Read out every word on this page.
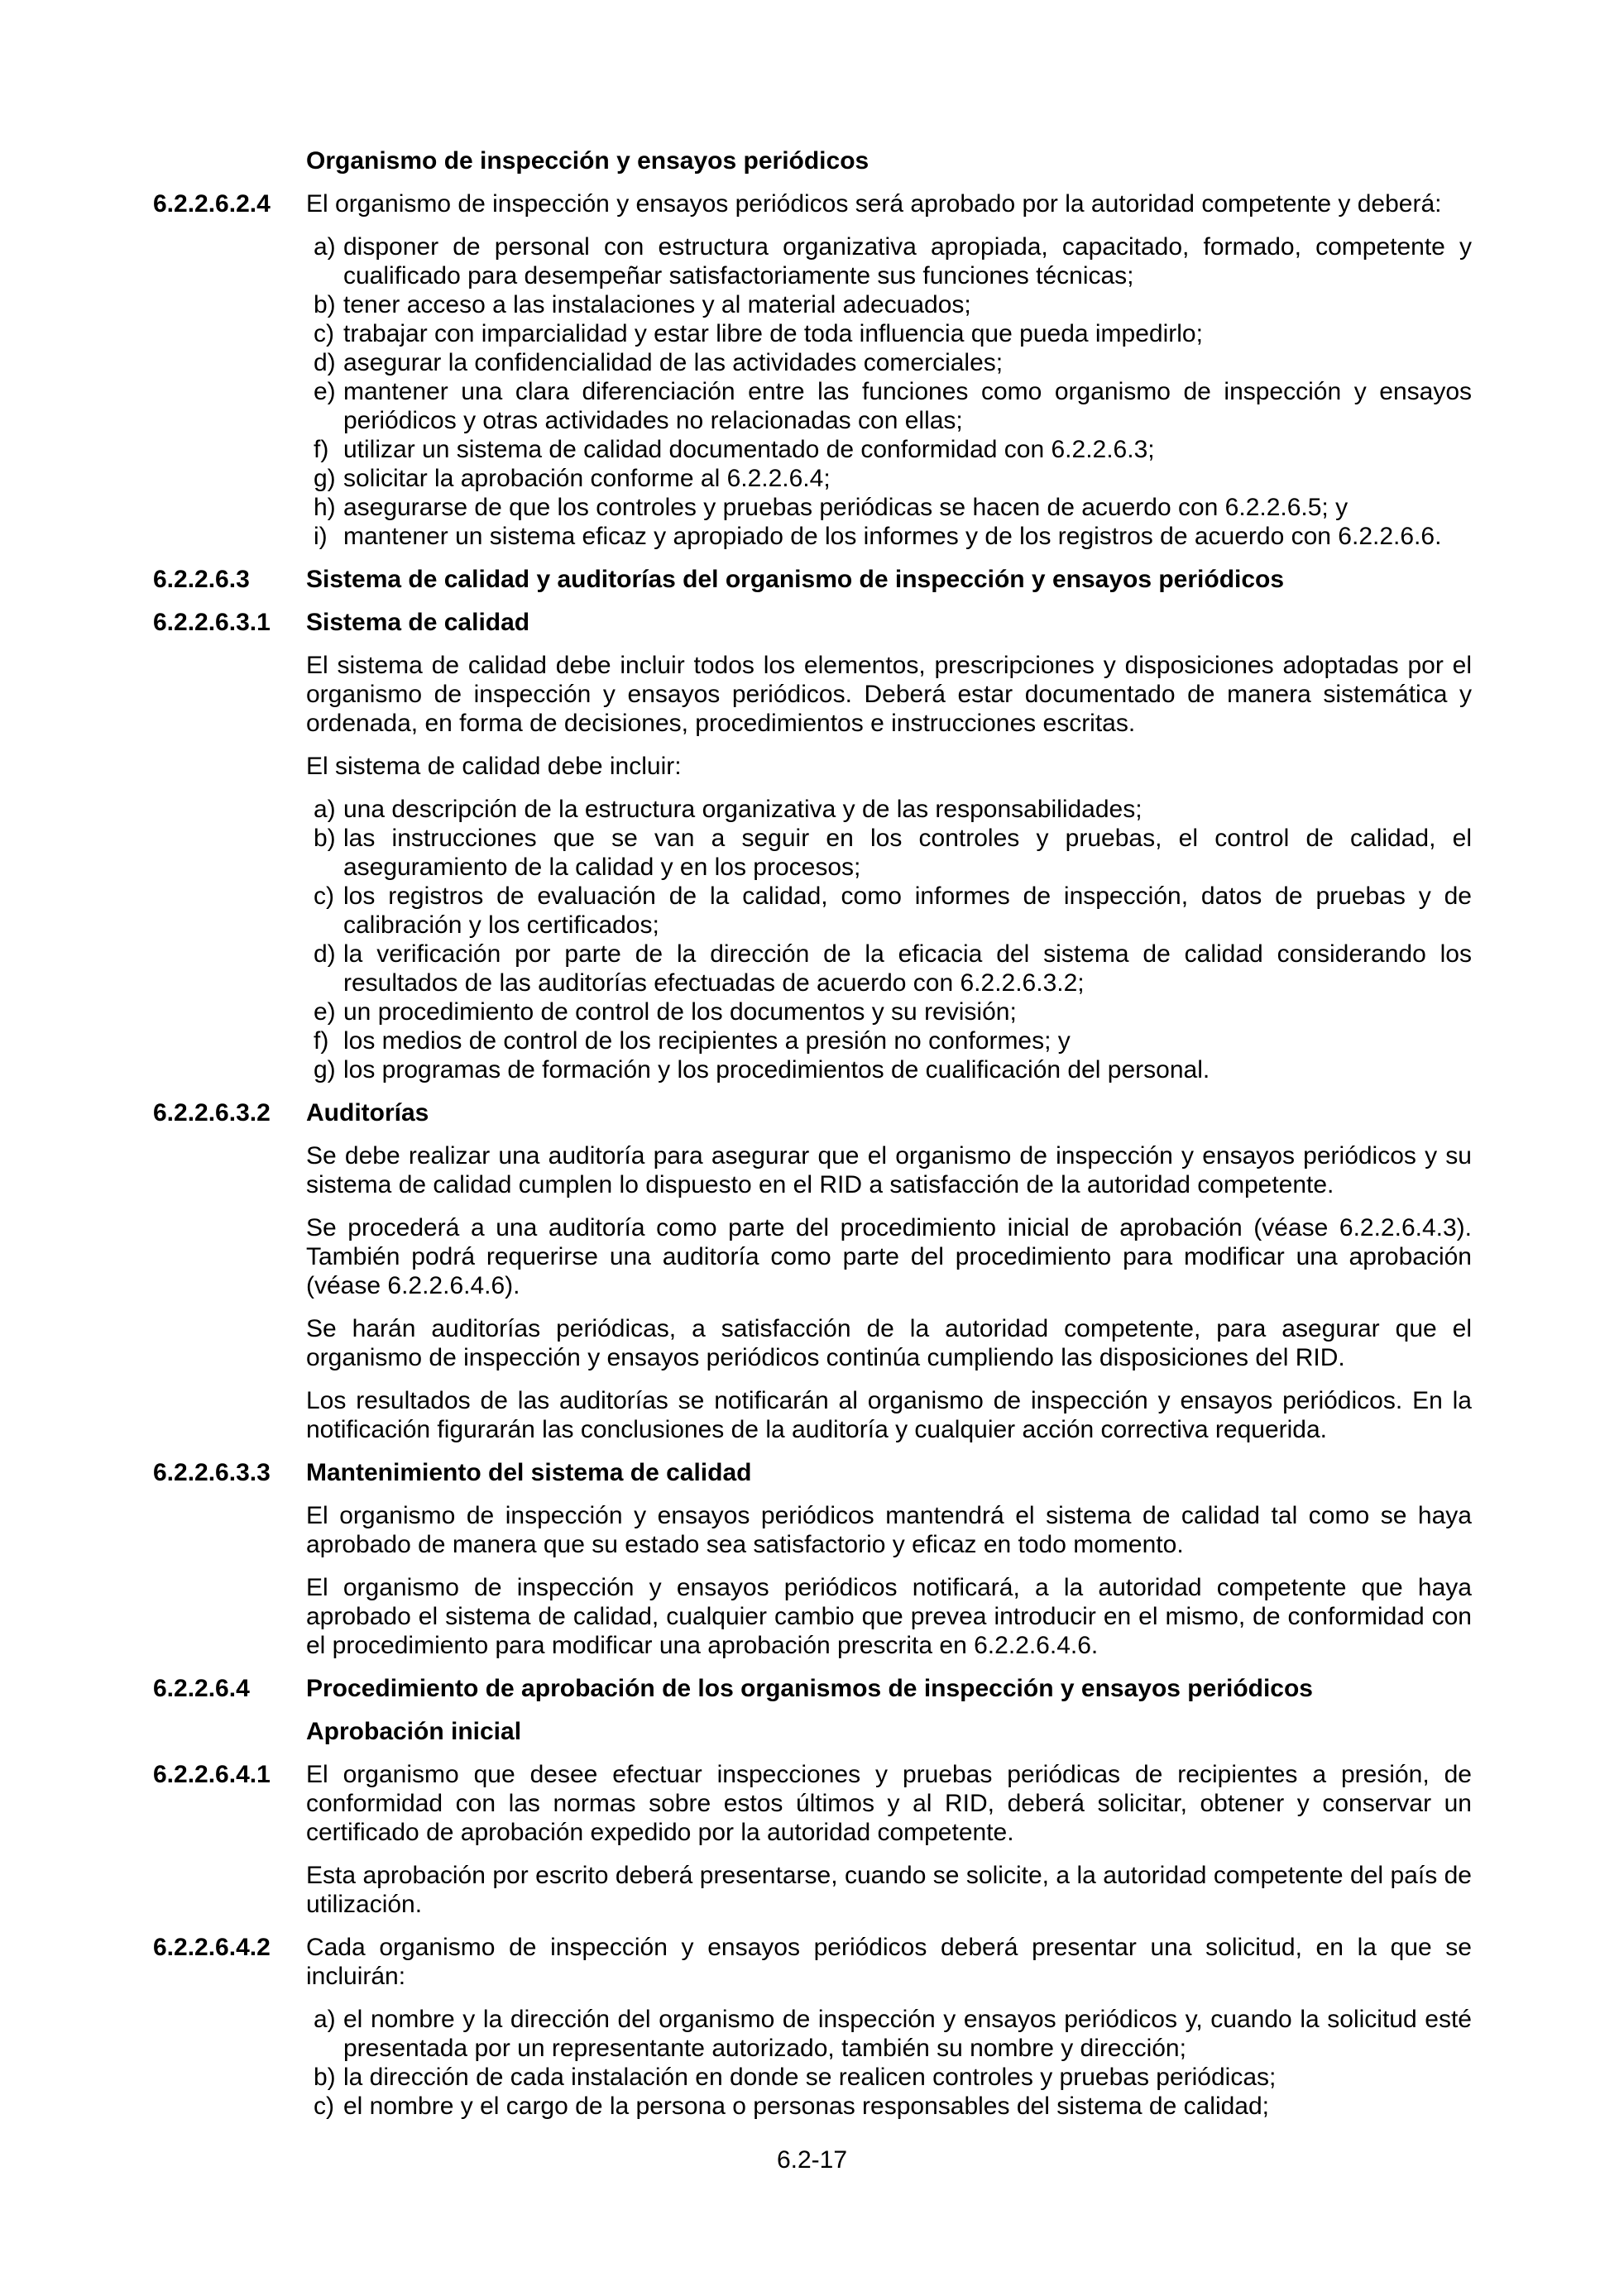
Organismo de inspección y ensayos periódicos
6.2.2.6.2.4	El organismo de inspección y ensayos periódicos será aprobado por la autoridad competente y deberá:
a) disponer de personal con estructura organizativa apropiada, capacitado, formado, competente y cualificado para desempeñar satisfactoriamente sus funciones técnicas;
b) tener acceso a las instalaciones y al material adecuados;
c) trabajar con imparcialidad y estar libre de toda influencia que pueda impedirlo;
d) asegurar la confidencialidad de las actividades comerciales;
e) mantener una clara diferenciación entre las funciones como organismo de inspección y ensayos periódicos y otras actividades no relacionadas con ellas;
f) utilizar un sistema de calidad documentado de conformidad con 6.2.2.6.3;
g) solicitar la aprobación conforme al 6.2.2.6.4;
h) asegurarse de que los controles y pruebas periódicas se hacen de acuerdo con 6.2.2.6.5; y
i) mantener un sistema eficaz y apropiado de los informes y de los registros de acuerdo con 6.2.2.6.6.
6.2.2.6.3	Sistema de calidad y auditorías del organismo de inspección y ensayos periódicos
6.2.2.6.3.1	Sistema de calidad
El sistema de calidad debe incluir todos los elementos, prescripciones y disposiciones adoptadas por el organismo de inspección y ensayos periódicos. Deberá estar documentado de manera sistemática y ordenada, en forma de decisiones, procedimientos e instrucciones escritas.
El sistema de calidad debe incluir:
a) una descripción de la estructura organizativa y de las responsabilidades;
b) las instrucciones que se van a seguir en los controles y pruebas, el control de calidad, el aseguramiento de la calidad y en los procesos;
c) los registros de evaluación de la calidad, como informes de inspección, datos de pruebas y de calibración y los certificados;
d) la verificación por parte de la dirección de la eficacia del sistema de calidad considerando los resultados de las auditorías efectuadas de acuerdo con 6.2.2.6.3.2;
e) un procedimiento de control de los documentos y su revisión;
f) los medios de control de los recipientes a presión no conformes; y
g) los programas de formación y los procedimientos de cualificación del personal.
6.2.2.6.3.2	Auditorías
Se debe realizar una auditoría para asegurar que el organismo de inspección y ensayos periódicos y su sistema de calidad cumplen lo dispuesto en el RID a satisfacción de la autoridad competente.
Se procederá a una auditoría como parte del procedimiento inicial de aprobación (véase 6.2.2.6.4.3). También podrá requerirse una auditoría como parte del procedimiento para modificar una aprobación (véase 6.2.2.6.4.6).
Se harán auditorías periódicas, a satisfacción de la autoridad competente, para asegurar que el organismo de inspección y ensayos periódicos continúa cumpliendo las disposiciones del RID.
Los resultados de las auditorías se notificarán al organismo de inspección y ensayos periódicos. En la notificación figurarán las conclusiones de la auditoría y cualquier acción correctiva requerida.
6.2.2.6.3.3	Mantenimiento del sistema de calidad
El organismo de inspección y ensayos periódicos mantendrá el sistema de calidad tal como se haya aprobado de manera que su estado sea satisfactorio y eficaz en todo momento.
El organismo de inspección y ensayos periódicos notificará, a la autoridad competente que haya aprobado el sistema de calidad, cualquier cambio que prevea introducir en el mismo, de conformidad con el procedimiento para modificar una aprobación prescrita en 6.2.2.6.4.6.
6.2.2.6.4	Procedimiento de aprobación de los organismos de inspección y ensayos periódicos
Aprobación inicial
6.2.2.6.4.1	El organismo que desee efectuar inspecciones y pruebas periódicas de recipientes a presión, de conformidad con las normas sobre estos últimos y al RID, deberá solicitar, obtener y conservar un certificado de aprobación expedido por la autoridad competente.
Esta aprobación por escrito deberá presentarse, cuando se solicite, a la autoridad competente del país de utilización.
6.2.2.6.4.2	Cada organismo de inspección y ensayos periódicos deberá presentar una solicitud, en la que se incluirán:
a) el nombre y la dirección del organismo de inspección y ensayos periódicos y, cuando la solicitud esté presentada por un representante autorizado, también su nombre y dirección;
b) la dirección de cada instalación en donde se realicen controles y pruebas periódicas;
c) el nombre y el cargo de la persona o personas responsables del sistema de calidad;
6.2-17
